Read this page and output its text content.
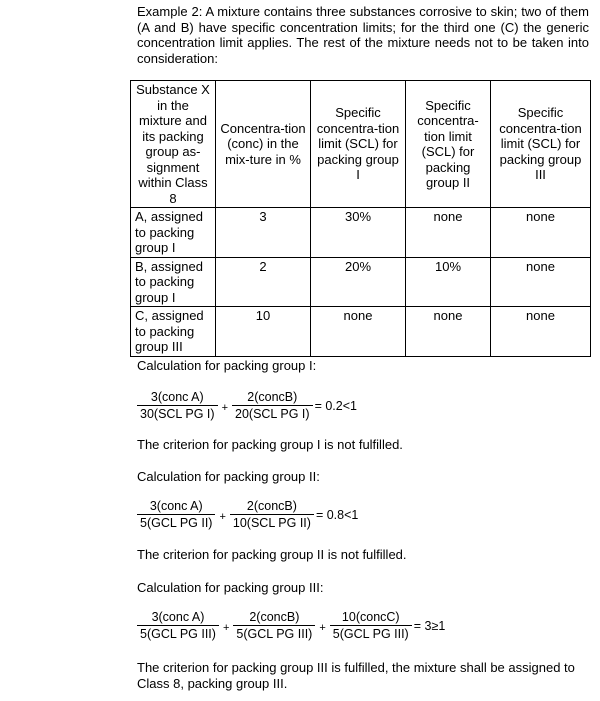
Example 2: A mixture contains three substances corrosive to skin; two of them (A and B) have specific concentration limits; for the third one (C) the generic concentration limit applies. The rest of the mixture needs not to be taken into consideration:

Substance X in the mixture and its packing group as-signment within Class 8	Concentra-tion (conc) in the mix-ture in %	Specific concentra-tion limit (SCL) for packing group I	Specific concentra-tion limit (SCL) for packing group II	Specific concentra-tion limit (SCL) for packing group III
A, assigned to packing group I	3	30%	none	none
B, assigned to packing group I	2	20%	10%	none
C, assigned to packing group III	10	none	none	none

Calculation for packing group I:

$\frac{\text{3(conc A)}}{\text{30(SCL PG I)}} + \frac{\text{2(concB)}}{\text{20(SCL PG I)}} = 0.2<1$

The criterion for packing group I is not fulfilled.

Calculation for packing group II:

$\frac{\text{3(conc A)}}{\text{5(GCL PG II)}} + \frac{\text{2(concB)}}{\text{10(SCL PG II)}} = 0.8<1$

The criterion for packing group II is not fulfilled.

Calculation for packing group III:

$\frac{\text{3(conc A)}}{\text{5(GCL PG III)}} + \frac{\text{2(concB)}}{\text{5(GCL PG III)}} + \frac{\text{10(concC)}}{\text{5(GCL PG III)}} = 3\ge 1$

The criterion for packing group III is fulfilled, the mixture shall be assigned to Class 8, packing group III.
